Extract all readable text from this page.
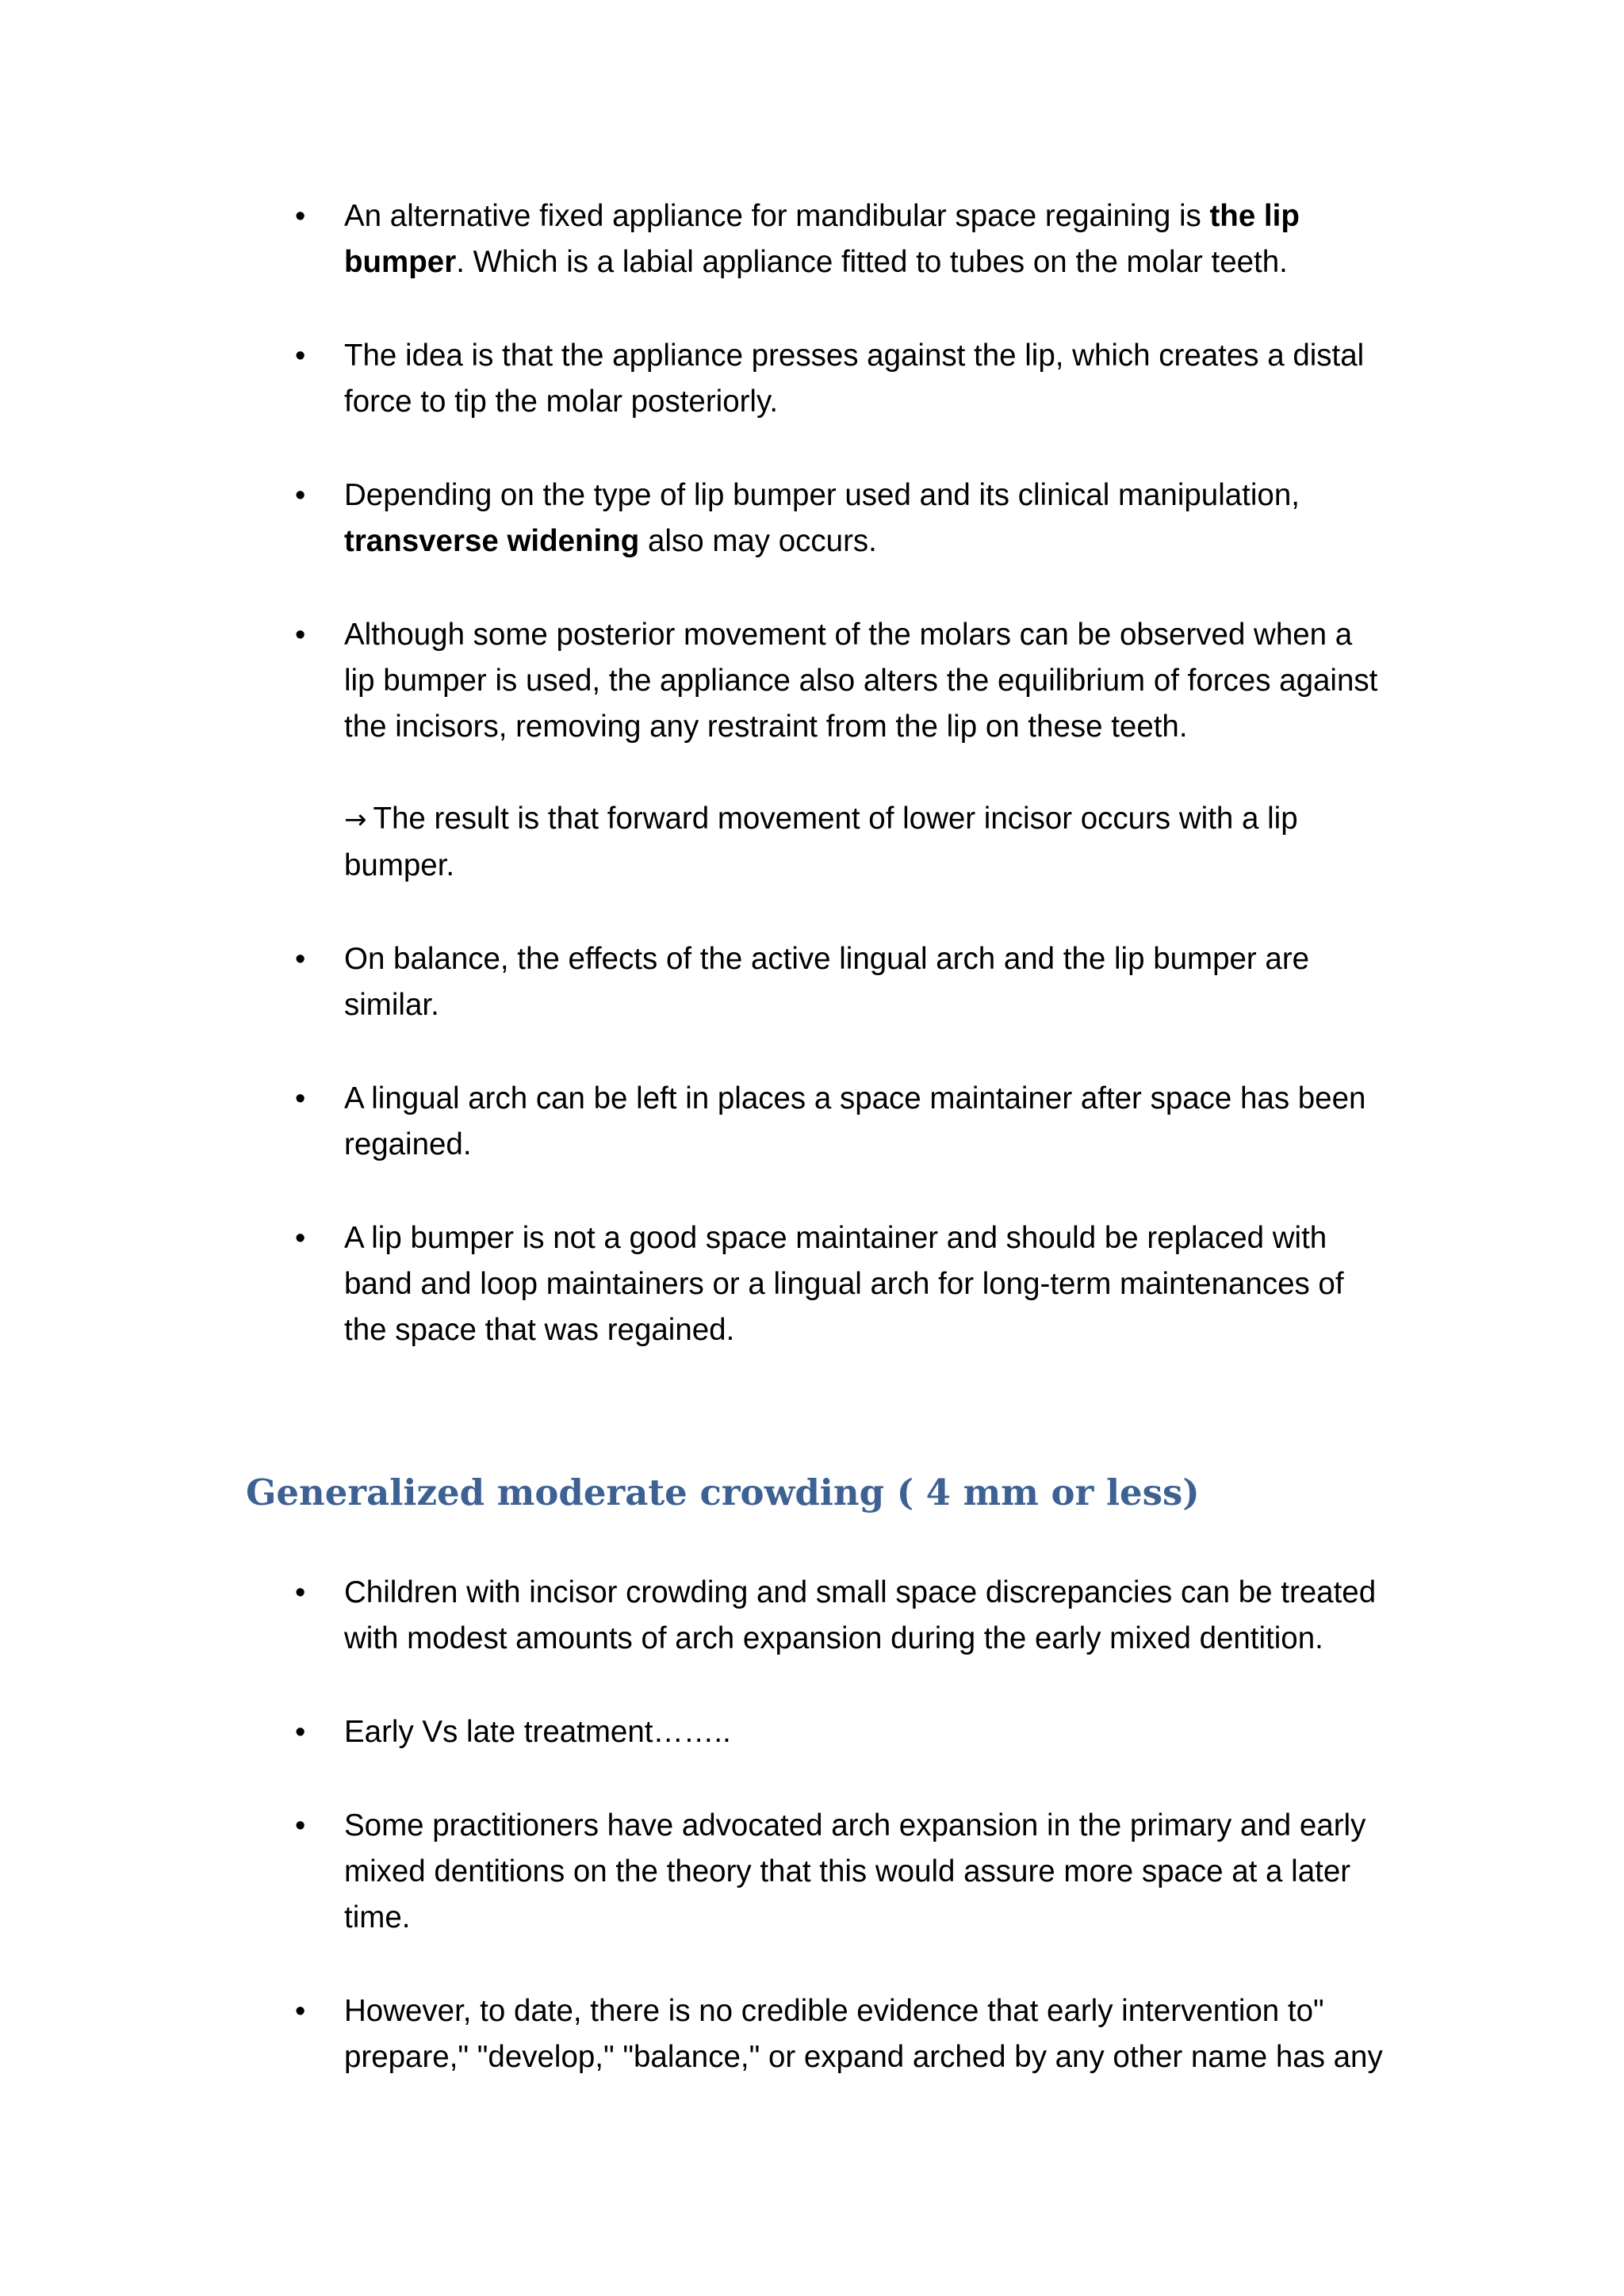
• An alternative fixed appliance for mandibular space regaining is the lip bumper. Which is a labial appliance fitted to tubes on the molar teeth.
• The idea is that the appliance presses against the lip, which creates a distal force to tip the molar posteriorly.
• Depending on the type of lip bumper used and its clinical manipulation, transverse widening also may occurs.
• Although some posterior movement of the molars can be observed when a lip bumper is used, the appliance also alters the equilibrium of forces against the incisors, removing any restraint from the lip on these teeth.
→ The result is that forward movement of lower incisor occurs with a lip bumper.
• On balance, the effects of the active lingual arch and the lip bumper are similar.
• A lingual arch can be left in places a space maintainer after space has been regained.
• A lip bumper is not a good space maintainer and should be replaced with band and loop maintainers or a lingual arch for long-term maintenances of the space that was regained.
Generalized moderate crowding ( 4 mm or less)
• Children with incisor crowding and small space discrepancies can be treated with modest amounts of arch expansion during the early mixed dentition.
• Early Vs late treatment……..
• Some practitioners have advocated arch expansion in the primary and early mixed dentitions on the theory that this would assure more space at a later time.
• However, to date, there is no credible evidence that early intervention to" prepare," "develop," "balance," or expand arched by any other name has any
